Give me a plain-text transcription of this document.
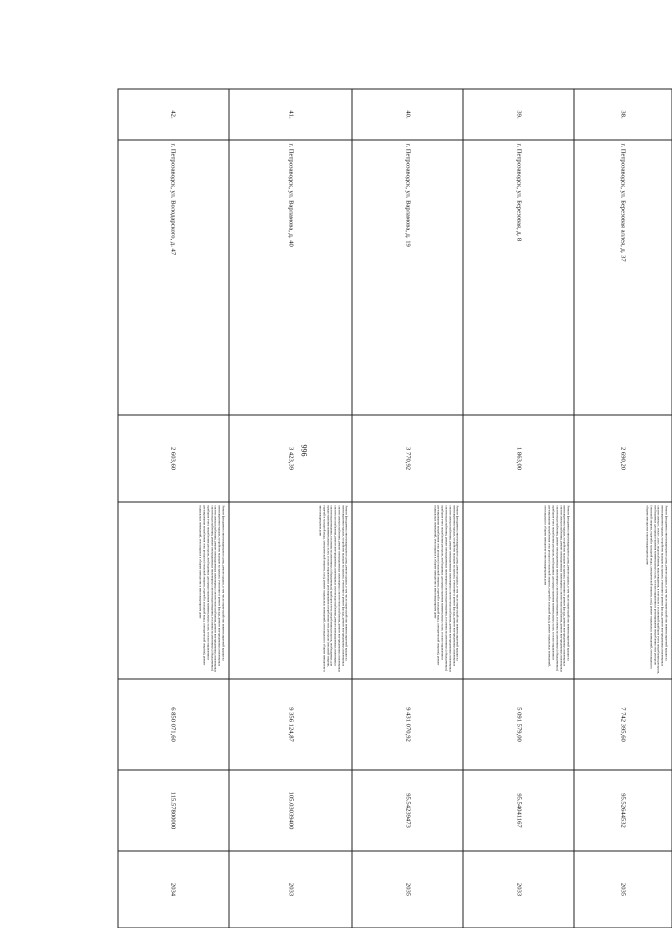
996
38.	г. Петрозаводск, ул. Березовая аллея, д. 37	2 690,20	Ремонт фундамента многоквартирного дома, ремонт крыши, в том числе переустройство невентилируемой крыши на вентилируемую крышу, устройство выходов на кровлю, утепление и ремонт фасада, ремонт внутридомовых инженерных систем электро-, тепло-, газо-, водоснабжения, водоотведения, в том числе с установкой приборов учета потребления ресурсов, необходимых для предоставления коммунальных услуг, и узлов управления и регулирования потребления этих ресурсов (тепловой энергии, горячей и холодной воды, электрической энергии, газа), ремонт подвальных помещений, относящихся к общему имуществу в многоквартирном доме	7 742 395,60	95.52644532	2035
39.	г. Петрозаводск, ул. Березовая, д. 8	1 863,00	Ремонт фундамента многоквартирного дома, ремонт крыши, в том числе переустройство невентилируемой крыши на вентилируемую крышу, устройство выходов на кровлю, утепление и ремонт фасада, ремонт внутридомовых инженерных систем электроснабжения, ремонт внутридомовых инженерных систем теплоснабжения, ремонт внутридомовых инженерных систем водоснабжения, ремонт внутридомовых инженерных систем водоотведения, установка коллективных (общедомовых) приборов учета потребления ресурсов, необходимых для предоставления коммунальных услуг, и узлов управления и регулирования потребления этих ресурсов (тепловой энергии, горячей и холодной воды), ремонт подвальных помещений, относящихся к общему имуществу в многоквартирном доме	5 091 579,00	95.54041167	2033
40.	г. Петрозаводск, ул. Варламова, д. 19	3 770,92	Ремонт фундамента многоквартирного дома, ремонт крыши, в том числе переустройство невентилируемой крыши на вентилируемую крышу, устройство выходов на кровлю, утепление и ремонт фасада, ремонт внутридомовых инженерных систем электроснабжения, ремонт внутридомовых инженерных систем теплоснабжения, ремонт внутридомовых инженерных систем водоснабжения, ремонт внутридомовых инженерных систем водоотведения, установка коллективных (общедомовых) приборов учета потребления ресурсов, необходимых для предоставления коммунальных услуг, и узлов управления и регулирования потребления этих ресурсов (тепловой энергии, горячей и холодной воды, электрической энергии), ремонт подвальных помещений, относящихся к общему имуществу в многоквартирном доме	9 431 070,92	95.54239473	2035
41.	г. Петрозаводск, ул. Варламова, д. 40	3 423,39	Ремонт фундамента многоквартирного дома, ремонт крыши, в том числе переустройство невентилируемой крыши на вентилируемую крышу, устройство выходов на кровлю, утепление и ремонт фасада, ремонт внутридомовых инженерных систем электроснабжения, ремонт внутридомовых инженерных систем теплоснабжения, ремонт внутридомовых инженерных систем газоснабжения, ремонт внутридомовых инженерных систем водоснабжения, ремонт внутридомовых инженерных систем водоотведения, установка коллективных (общедомовых) приборов учета потребления ресурсов, необходимых для предоставления коммунальных услуг, и узлов управления и регулирования потребления этих ресурсов (тепловой энергии, горячей и холодной воды, электрической энергии, газа), ремонт подвальных помещений, относящихся к общему имуществу в многоквартирном доме	9 356 124,87	105.03039400	2033
42.	г. Петрозаводск, ул. Володарского, д. 47	2 603,60	Ремонт фундамента многоквартирного дома, ремонт крыши, в том числе переустройство невентилируемой крыши на вентилируемую крышу, устройство выходов на кровлю, утепление и ремонт фасада, ремонт внутридомовых инженерных систем электроснабжения, ремонт внутридомовых инженерных систем теплоснабжения, ремонт внутридомовых инженерных систем водоснабжения, ремонт внутридомовых инженерных систем водоотведения, установка коллективных (общедомовых) приборов учета потребления ресурсов, необходимых для предоставления коммунальных услуг, и узлов управления и регулирования потребления этих ресурсов (тепловой энергии, горячей и холодной воды, электрической энергии), ремонт подвальных помещений, относящихся к общему имуществу в многоквартирном доме	6 850 071,60	115.57800000	2034
